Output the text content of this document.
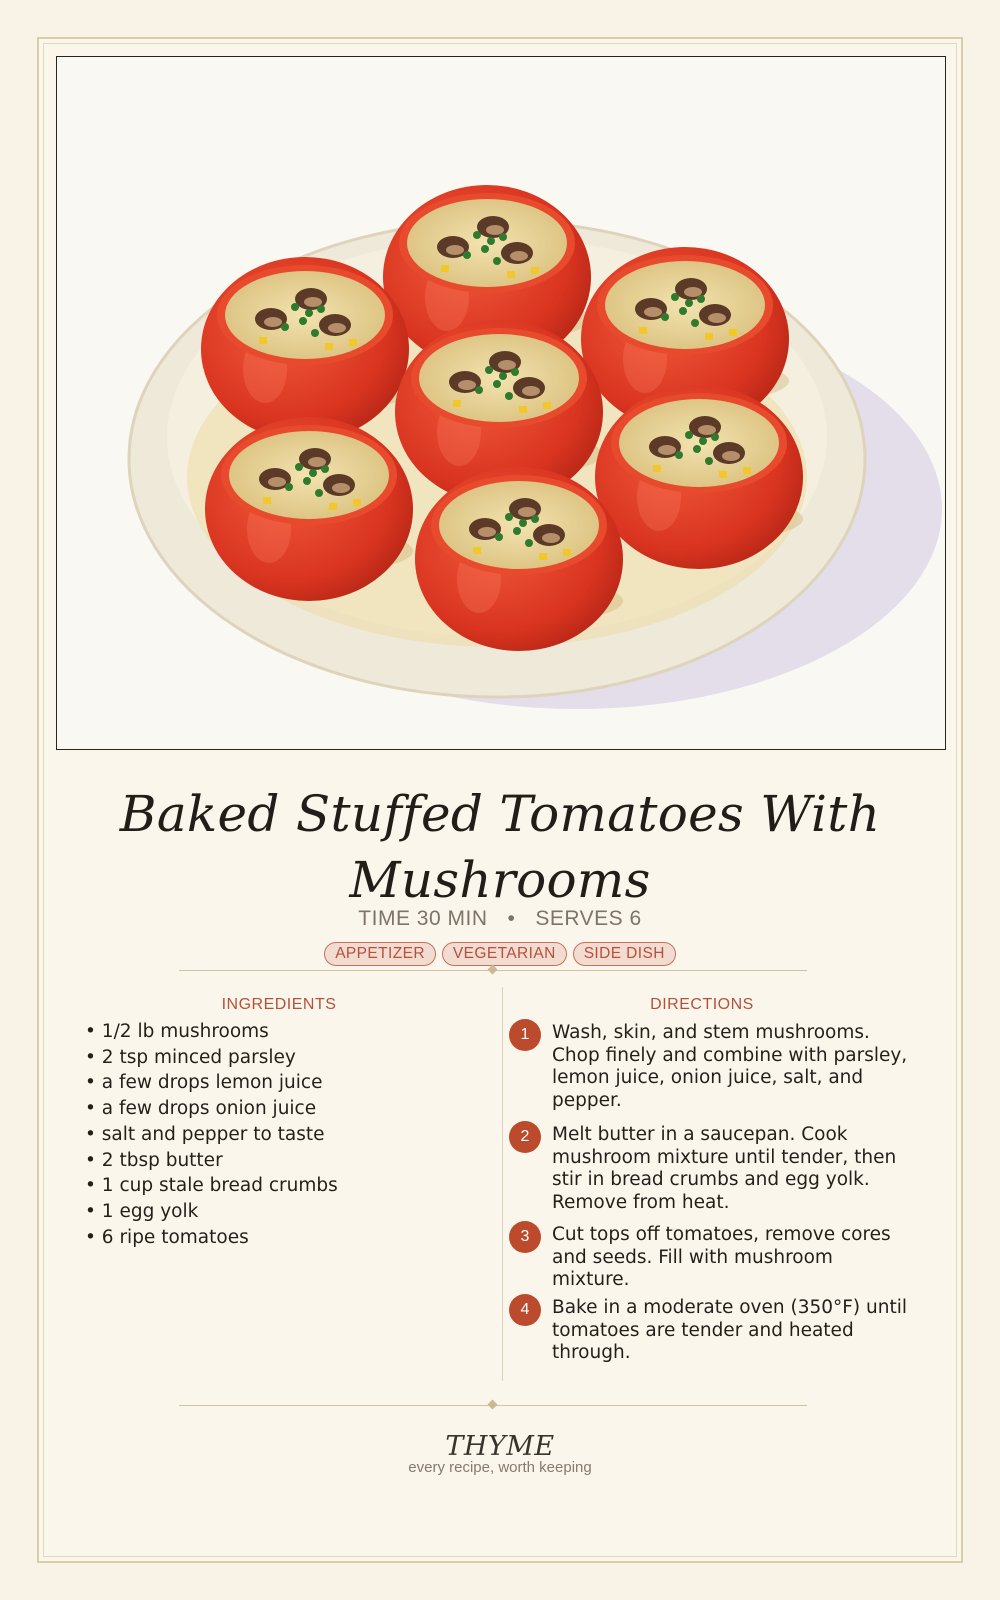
Baked Stuffed Tomatoes With Mushrooms
TIME 30 MIN • SERVES 6
APPETIZER VEGETARIAN SIDE DISH
INGREDIENTS	DIRECTIONS
• 1/2 lb mushrooms
• 2 tsp minced parsley
• a few drops lemon juice
• a few drops onion juice
• salt and pepper to taste
• 2 tbsp butter
• 1 cup stale bread crumbs
• 1 egg yolk
• 6 ripe tomatoes
1	Wash, skin, and stem mushrooms. Chop finely and combine with parsley, lemon juice, onion juice, salt, and pepper.
2	Melt butter in a saucepan. Cook mushroom mixture until tender, then stir in bread crumbs and egg yolk. Remove from heat.
3	Cut tops off tomatoes, remove cores and seeds. Fill with mushroom mixture.
4	Bake in a moderate oven (350°F) until tomatoes are tender and heated through.
THYME
every recipe, worth keeping
